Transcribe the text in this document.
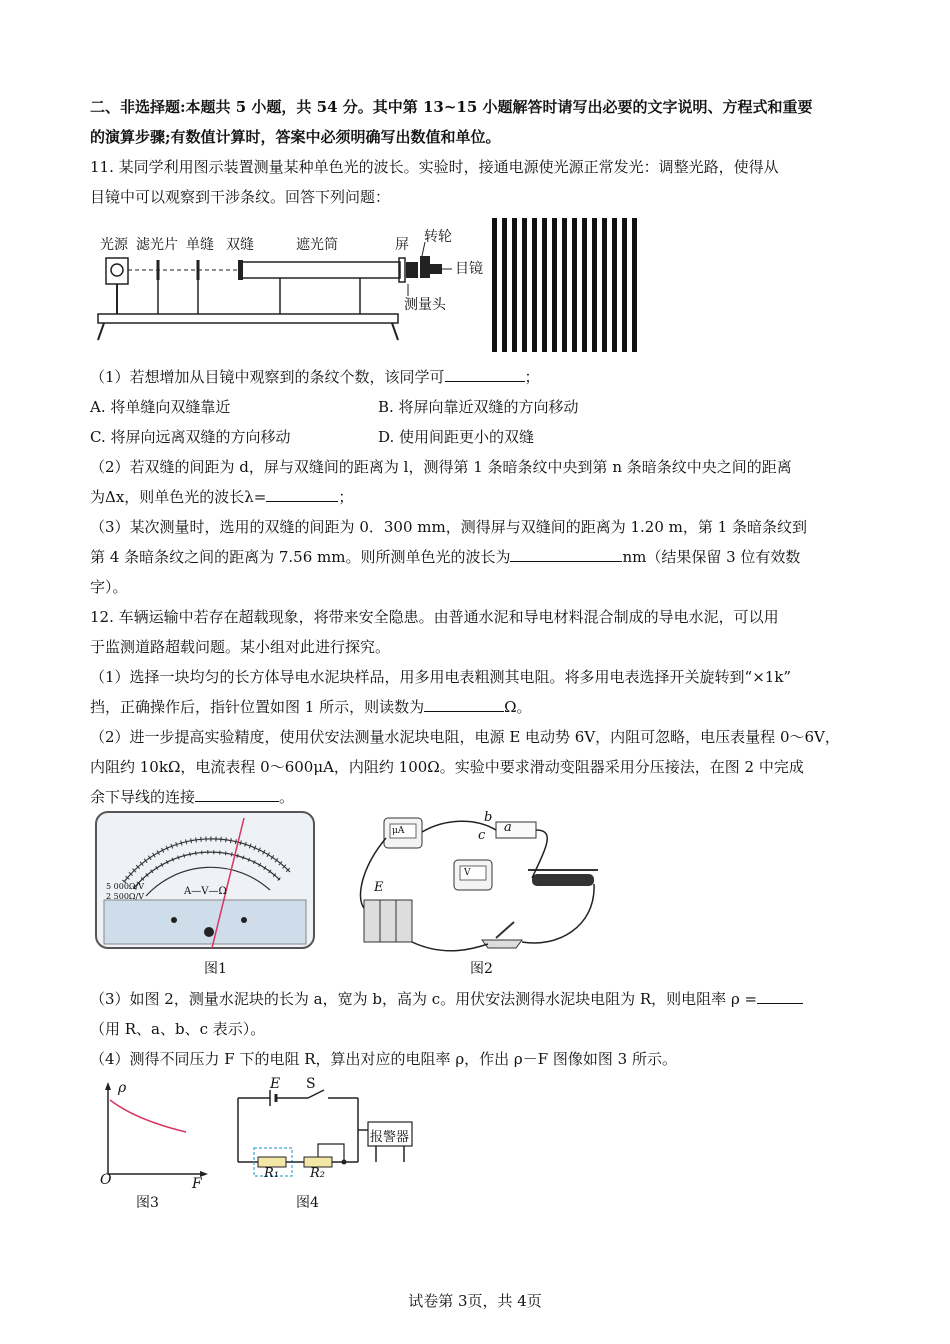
二、非选择题:本题共 5 小题，共 54 分。其中第 13~15 小题解答时请写出必要的文字说明、方程式和重要
的演算步骤;有数值计算时，答案中必须明确写出数值和单位。
11. 某同学利用图示装置测量某种单色光的波长。实验时，接通电源使光源正常发光：调整光路，使得从
目镜中可以观察到干涉条纹。回答下列问题：
光源 滤光片 单缝 双缝	遮光筒	屏 转轮
目镜
测量头
（1）若想增加从目镜中观察到的条纹个数，该同学可	；
A. 将单缝向双缝靠近	B. 将屏向靠近双缝的方向移动
C. 将屏向远离双缝的方向移动	D. 使用间距更小的双缝
（2）若双缝的间距为 d，屏与双缝间的距离为 l，测得第 1 条暗条纹中央到第 n 条暗条纹中央之间的距离
为Δx，则单色光的波长λ=	；
（3）某次测量时，选用的双缝的间距为 0．300 mm，测得屏与双缝间的距离为 1.20 m，第 1 条暗条纹到
第 4 条暗条纹之间的距离为 7.56 mm。则所测单色光的波长为	nm（结果保留 3 位有效数
字）。
12. 车辆运输中若存在超载现象，将带来安全隐患。由普通水泥和导电材料混合制成的导电水泥，可以用
于监测道路超载问题。某小组对此进行探究。
（1）选择一块均匀的长方体导电水泥块样品，用多用电表粗测其电阻。将多用电表选择开关旋转到“×1k”
挡，正确操作后，指针位置如图 1 所示，则读数为	Ω。
（2）进一步提高实验精度，使用伏安法测量水泥块电阻，电源 E 电动势 6V，内阻可忽略，电压表量程 0～6V，
内阻约 10kΩ，电流表程 0～600μA，内阻约 100Ω。实验中要求滑动变阻器采用分压接法，在图 2 中完成
余下导线的连接	。
A—V—Ω
5 000Ω/V
2 500Ω/V
图1
μA
V
E
a
b
c
图2
（3）如图 2，测量水泥块的长为 a，宽为 b，高为 c。用伏安法测得水泥块电阻为 R，则电阻率 ρ =
（用 R、a、b、c 表示）。
（4）测得不同压力 F 下的电阻 R，算出对应的电阻率 ρ，作出 ρ－F 图像如图 3 所示。
ρ
F
O
图3
E S
R₁ R₂
报警器
图4
试卷第 3页，共 4页
